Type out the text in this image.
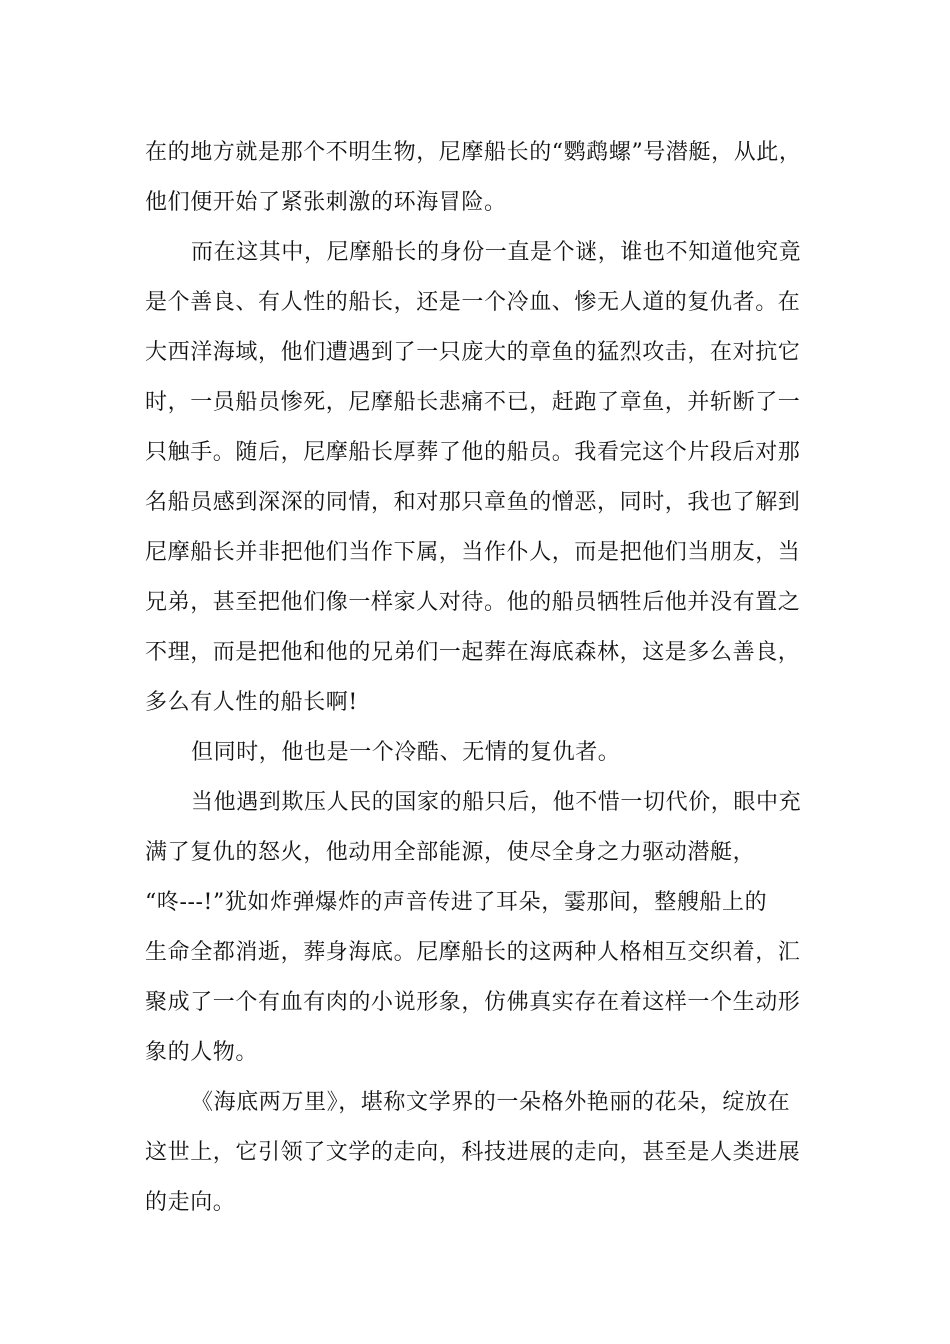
在的地方就是那个不明生物，尼摩船长的“鹦鹉螺”号潜艇，从此，
他们便开始了紧张刺激的环海冒险。
而在这其中，尼摩船长的身份一直是个谜，谁也不知道他究竟
是个善良、有人性的船长，还是一个冷血、惨无人道的复仇者。在
大西洋海域，他们遭遇到了一只庞大的章鱼的猛烈攻击，在对抗它
时，一员船员惨死，尼摩船长悲痛不已，赶跑了章鱼，并斩断了一
只触手。随后，尼摩船长厚葬了他的船员。我看完这个片段后对那
名船员感到深深的同情，和对那只章鱼的憎恶，同时，我也了解到
尼摩船长并非把他们当作下属，当作仆人，而是把他们当朋友，当
兄弟，甚至把他们像一样家人对待。他的船员牺牲后他并没有置之
不理，而是把他和他的兄弟们一起葬在海底森林，这是多么善良，
多么有人性的船长啊!
但同时，他也是一个冷酷、无情的复仇者。
当他遇到欺压人民的国家的船只后，他不惜一切代价，眼中充
满了复仇的怒火，他动用全部能源，使尽全身之力驱动潜艇，
“咚---!”犹如炸弹爆炸的声音传进了耳朵，霎那间，整艘船上的
生命全都消逝，葬身海底。尼摩船长的这两种人格相互交织着，汇
聚成了一个有血有肉的小说形象，仿佛真实存在着这样一个生动形
象的人物。
《海底两万里》，堪称文学界的一朵格外艳丽的花朵，绽放在
这世上，它引领了文学的走向，科技进展的走向，甚至是人类进展
的走向。
